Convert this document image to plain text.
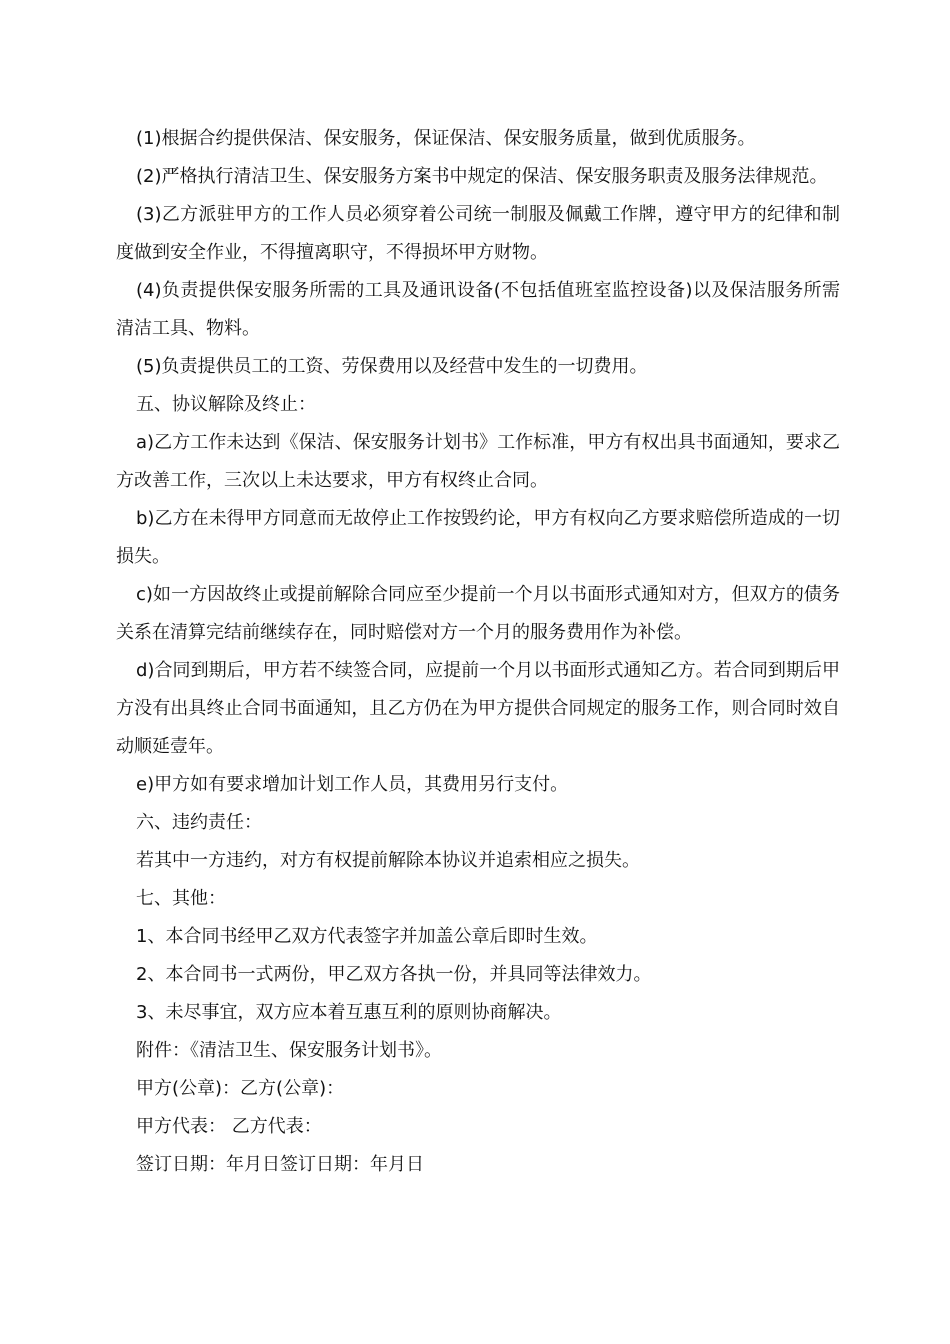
(1)根据合约提供保洁、保安服务，保证保洁、保安服务质量，做到优质服务。

(2)严格执行清洁卫生、保安服务方案书中规定的保洁、保安服务职责及服务法律规范。

(3)乙方派驻甲方的工作人员必须穿着公司统一制服及佩戴工作牌，遵守甲方的纪律和制度做到安全作业，不得擅离职守，不得损坏甲方财物。

(4)负责提供保安服务所需的工具及通讯设备(不包括值班室监控设备)以及保洁服务所需清洁工具、物料。

(5)负责提供员工的工资、劳保费用以及经营中发生的一切费用。

五、协议解除及终止：

a)乙方工作未达到《保洁、保安服务计划书》工作标准，甲方有权出具书面通知，要求乙方改善工作，三次以上未达要求，甲方有权终止合同。

b)乙方在未得甲方同意而无故停止工作按毁约论，甲方有权向乙方要求赔偿所造成的一切损失。

c)如一方因故终止或提前解除合同应至少提前一个月以书面形式通知对方，但双方的债务关系在清算完结前继续存在，同时赔偿对方一个月的服务费用作为补偿。

d)合同到期后，甲方若不续签合同，应提前一个月以书面形式通知乙方。若合同到期后甲方没有出具终止合同书面通知，且乙方仍在为甲方提供合同规定的服务工作，则合同时效自动顺延壹年。

e)甲方如有要求增加计划工作人员，其费用另行支付。

六、违约责任：

若其中一方违约，对方有权提前解除本协议并追索相应之损失。

七、其他：

1、本合同书经甲乙双方代表签字并加盖公章后即时生效。

2、本合同书一式两份，甲乙双方各执一份，并具同等法律效力。

3、未尽事宜，双方应本着互惠互利的原则协商解决。

附件：《清洁卫生、保安服务计划书》。

甲方(公章)：乙方(公章)：

甲方代表： 乙方代表：

签订日期：年月日签订日期：年月日
